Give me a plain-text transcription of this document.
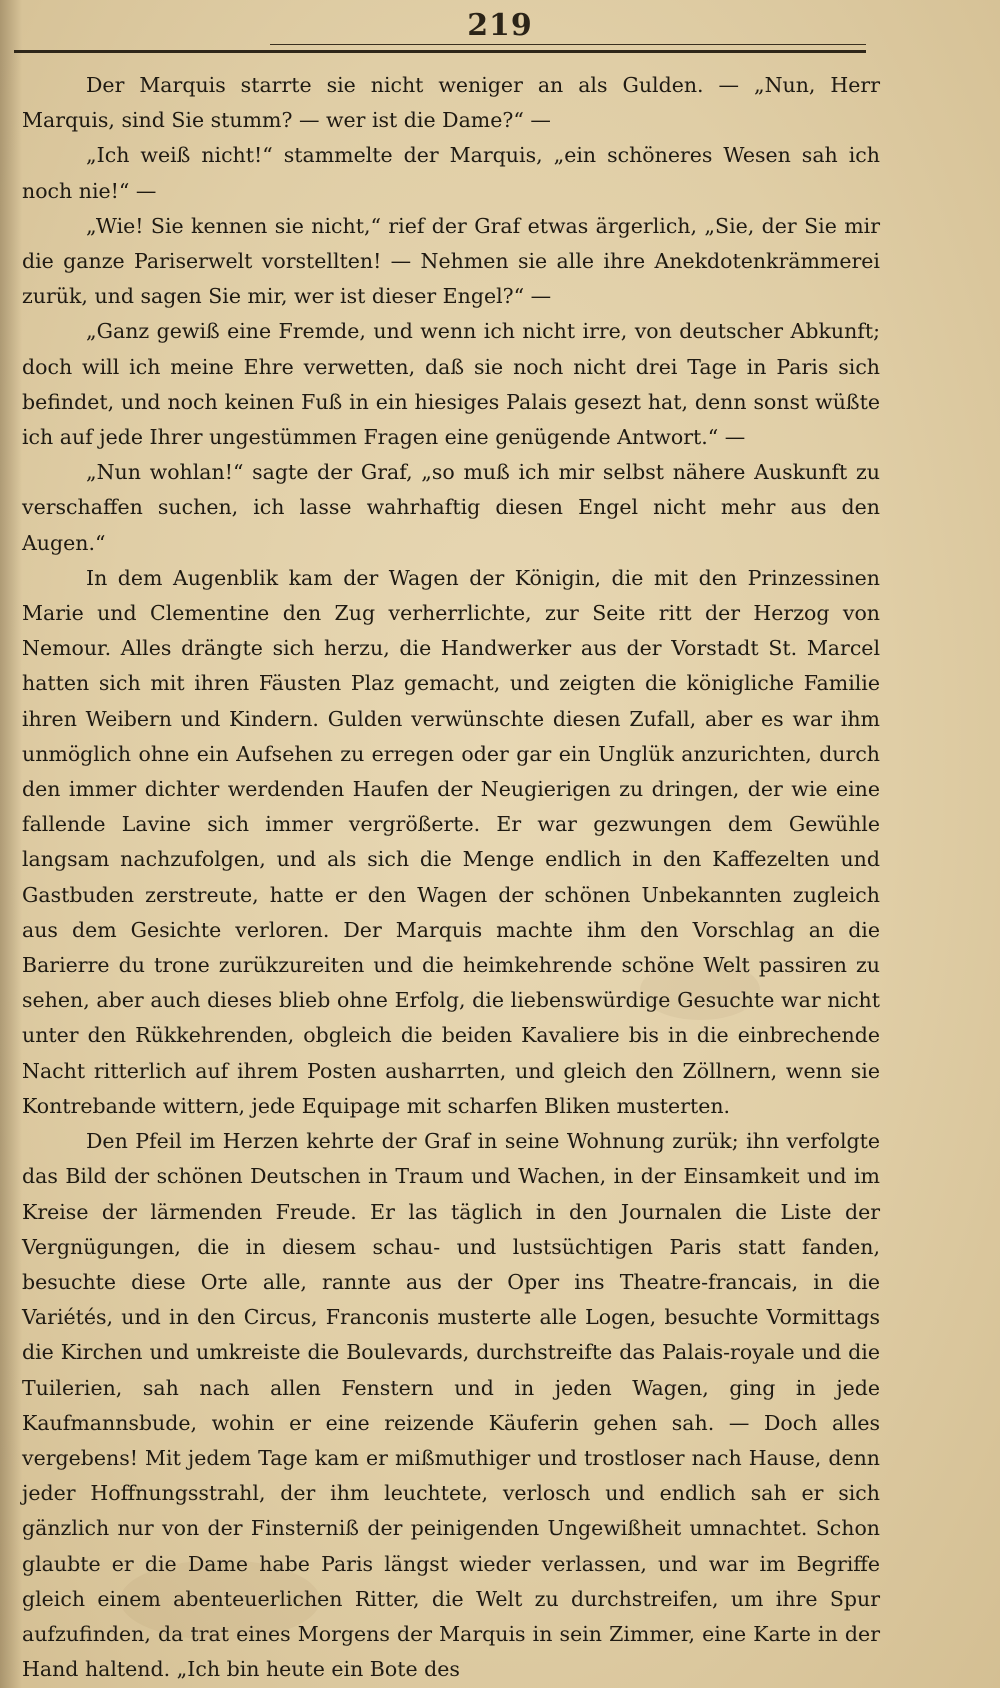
219

Der Marquis starrte sie nicht weniger an als Gulden. — „Nun, Herr Marquis, sind Sie stumm? — wer ist die Dame?“ —

„Ich weiß nicht!“ stammelte der Marquis, „ein schöneres Wesen sah ich noch nie!“ —

„Wie! Sie kennen sie nicht,“ rief der Graf etwas ärgerlich, „Sie, der Sie mir die ganze Pariserwelt vorstellten! — Nehmen sie alle ihre Anekdotenkrämmerei zurük, und sagen Sie mir, wer ist dieser Engel?“ —

„Ganz gewiß eine Fremde, und wenn ich nicht irre, von deutscher Abkunft; doch will ich meine Ehre verwetten, daß sie noch nicht drei Tage in Paris sich befindet, und noch keinen Fuß in ein hiesiges Palais gesezt hat, denn sonst wüßte ich auf jede Ihrer ungestümmen Fragen eine genügende Antwort.“ —

„Nun wohlan!“ sagte der Graf, „so muß ich mir selbst nähere Auskunft zu verschaffen suchen, ich lasse wahrhaftig diesen Engel nicht mehr aus den Augen.“

In dem Augenblik kam der Wagen der Königin, die mit den Prinzessinen Marie und Clementine den Zug verherrlichte, zur Seite ritt der Herzog von Nemour. Alles drängte sich herzu, die Handwerker aus der Vorstadt St. Marcel hatten sich mit ihren Fäusten Plaz gemacht, und zeigten die königliche Familie ihren Weibern und Kindern. Gulden verwünschte diesen Zufall, aber es war ihm unmöglich ohne ein Aufsehen zu erregen oder gar ein Unglük anzurichten, durch den immer dichter werdenden Haufen der Neugierigen zu dringen, der wie eine fallende Lavine sich immer vergrößerte. Er war gezwungen dem Gewühle langsam nachzufolgen, und als sich die Menge endlich in den Kaffezelten und Gastbuden zerstreute, hatte er den Wagen der schönen Unbekannten zugleich aus dem Gesichte verloren. Der Marquis machte ihm den Vorschlag an die Barierre du trone zurükzureiten und die heimkehrende schöne Welt passiren zu sehen, aber auch dieses blieb ohne Erfolg, die liebenswürdige Gesuchte war nicht unter den Rükkehrenden, obgleich die beiden Kavaliere bis in die einbrechende Nacht ritterlich auf ihrem Posten ausharrten, und gleich den Zöllnern, wenn sie Kontrebande wittern, jede Equipage mit scharfen Bliken musterten.

Den Pfeil im Herzen kehrte der Graf in seine Wohnung zurük; ihn verfolgte das Bild der schönen Deutschen in Traum und Wachen, in der Einsamkeit und im Kreise der lärmenden Freude. Er las täglich in den Journalen die Liste der Vergnügungen, die in diesem schau- und lustsüchtigen Paris statt fanden, besuchte diese Orte alle, rannte aus der Oper ins Theatre-francais, in die Variétés, und in den Circus, Franconis musterte alle Logen, besuchte Vormittags die Kirchen und umkreiste die Boulevards, durchstreifte das Palais-royale und die Tuilerien, sah nach allen Fenstern und in jeden Wagen, ging in jede Kaufmannsbude, wohin er eine reizende Käuferin gehen sah. — Doch alles vergebens! Mit jedem Tage kam er mißmuthiger und trostloser nach Hause, denn jeder Hoffnungsstrahl, der ihm leuchtete, verlosch und endlich sah er sich gänzlich nur von der Finsterniß der peinigenden Ungewißheit umnachtet. Schon glaubte er die Dame habe Paris längst wieder verlassen, und war im Begriffe gleich einem abenteuerlichen Ritter, die Welt zu durchstreifen, um ihre Spur aufzufinden, da trat eines Morgens der Marquis in sein Zimmer, eine Karte in der Hand haltend. „Ich bin heute ein Bote des
